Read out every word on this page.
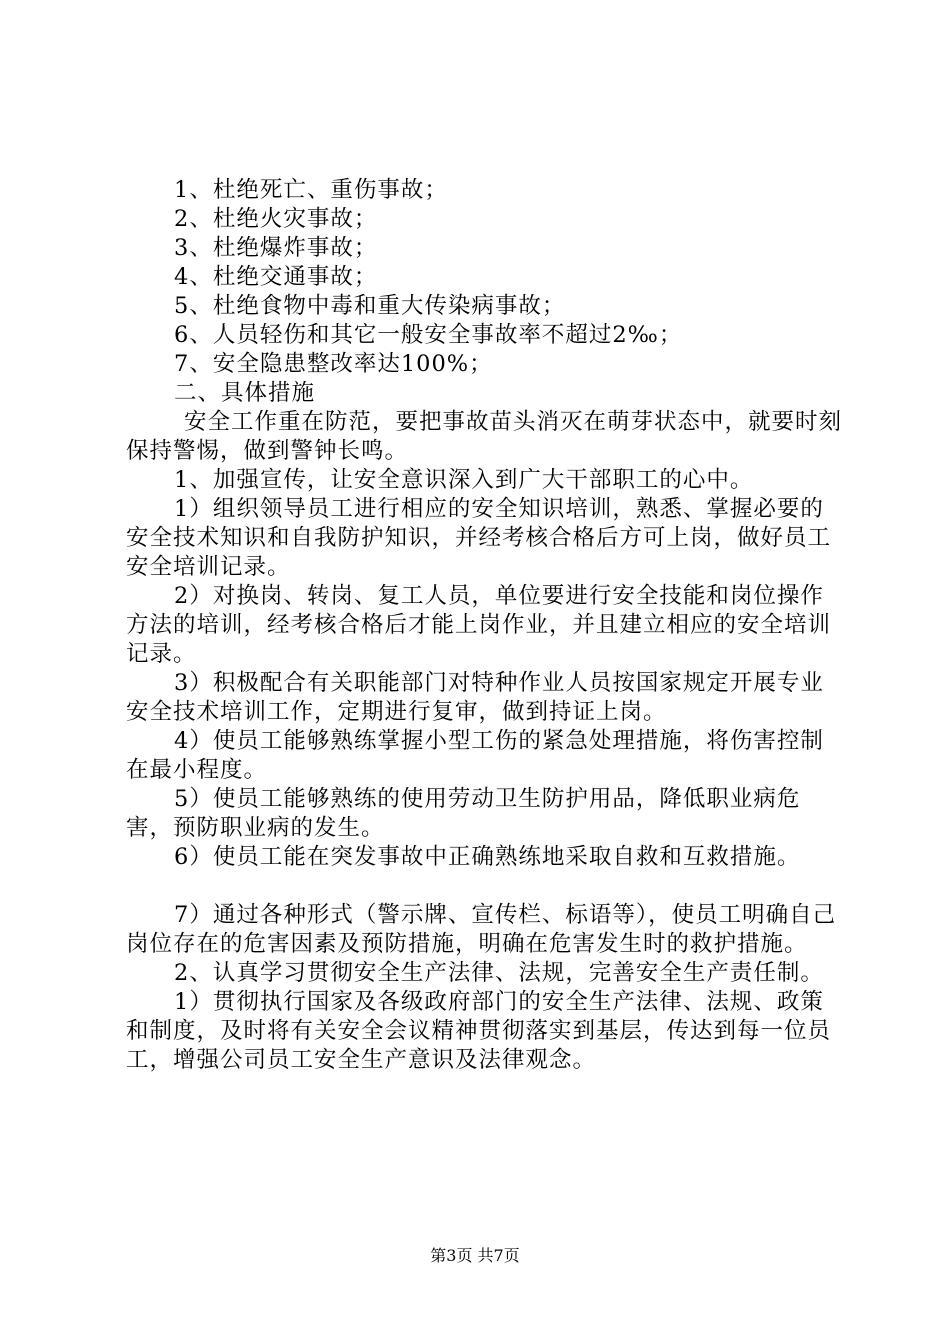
1、杜绝死亡、重伤事故；

2、杜绝火灾事故；

3、杜绝爆炸事故；

4、杜绝交通事故；

5、杜绝食物中毒和重大传染病事故；

6、人员轻伤和其它一般安全事故率不超过2‰；

7、安全隐患整改率达100%；

二、具体措施

安全工作重在防范，要把事故苗头消灭在萌芽状态中，就要时刻保持警惕，做到警钟长鸣。

1、加强宣传，让安全意识深入到广大干部职工的心中。

1）组织领导员工进行相应的安全知识培训，熟悉、掌握必要的安全技术知识和自我防护知识，并经考核合格后方可上岗，做好员工安全培训记录。

2）对换岗、转岗、复工人员，单位要进行安全技能和岗位操作方法的培训，经考核合格后才能上岗作业，并且建立相应的安全培训记录。

3）积极配合有关职能部门对特种作业人员按国家规定开展专业安全技术培训工作，定期进行复审，做到持证上岗。

4）使员工能够熟练掌握小型工伤的紧急处理措施，将伤害控制在最小程度。

5）使员工能够熟练的使用劳动卫生防护用品，降低职业病危害，预防职业病的发生。

6）使员工能在突发事故中正确熟练地采取自救和互救措施。

7）通过各种形式（警示牌、宣传栏、标语等），使员工明确自己岗位存在的危害因素及预防措施，明确在危害发生时的救护措施。

2、认真学习贯彻安全生产法律、法规，完善安全生产责任制。

1）贯彻执行国家及各级政府部门的安全生产法律、法规、政策和制度，及时将有关安全会议精神贯彻落实到基层，传达到每一位员工，增强公司员工安全生产意识及法律观念。

第3页 共7页
